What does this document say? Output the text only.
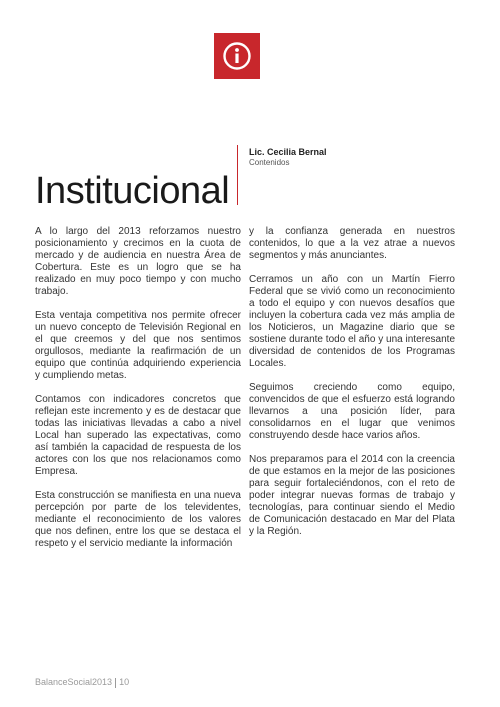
Institucional
Lic. Cecilia Bernal
Contenidos

A lo largo del 2013 reforzamos nuestro posicionamiento y crecimos en la cuota de mercado y de audiencia en nuestra Área de Cobertura. Este es un logro que se ha realizado en muy poco tiempo y con mucho trabajo.

Esta ventaja competitiva nos permite ofrecer un nuevo concepto de Televisión Regional en el que creemos y del que nos sentimos orgullosos, mediante la reafirmación de un equipo que continúa adquiriendo experiencia y cumpliendo metas.

Contamos con indicadores concretos que reflejan este incremento y es de destacar que todas las iniciativas llevadas a cabo a nivel Local han superado las expectativas, como así también la capacidad de respuesta de los actores con los que nos relacionamos como Empresa.

Esta construcción se manifiesta en una nueva percepción por parte de los televidentes, mediante el reconocimiento de los valores que nos definen, entre los que se destaca el respeto y el servicio mediante la información

y la confianza generada en nuestros contenidos, lo que a la vez atrae a nuevos segmentos y más anunciantes.

Cerramos un año con un Martín Fierro Federal que se vivió como un reconocimiento a todo el equipo y con nuevos desafíos que incluyen la cobertura cada vez más amplia de los Noticieros, un Magazine diario que se sostiene durante todo el año y una interesante diversidad de contenidos de los Programas Locales.

Seguimos creciendo como equipo, convencidos de que el esfuerzo está logrando llevarnos a una posición líder, para consolidarnos en el lugar que venimos construyendo desde hace varios años.

Nos preparamos para el 2014 con la creencia de que estamos en la mejor de las posiciones para seguir fortaleciéndonos, con el reto de poder integrar nuevas formas de trabajo y tecnologías, para continuar siendo el Medio de Comunicación destacado en Mar del Plata y la Región.

BalanceSocial2013 10
